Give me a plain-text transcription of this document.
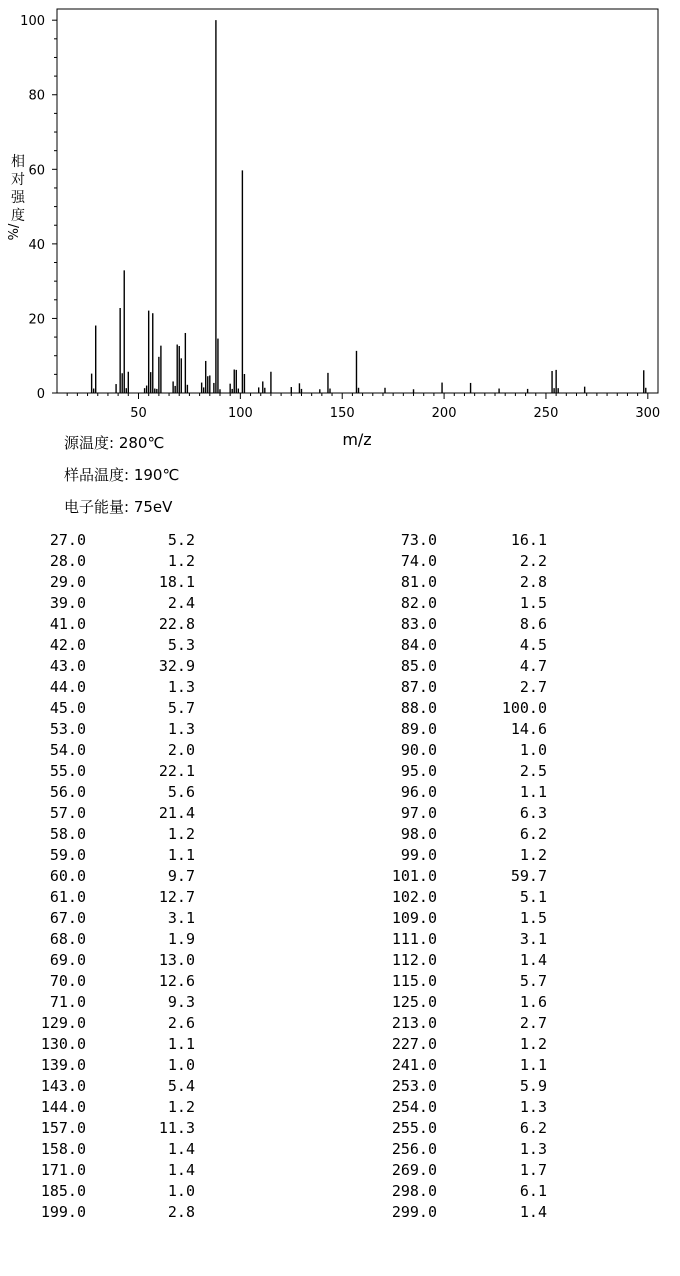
0
20
40
60
80
100
50	100	150	200	250	300
相
对
强
度
%/
m/z
源温度: 280℃
样品温度: 190℃
电子能量: 75eV
27.0	5.2	73.0	16.1
28.0	1.2	74.0	2.2
29.0	18.1	81.0	2.8
39.0	2.4	82.0	1.5
41.0	22.8	83.0	8.6
42.0	5.3	84.0	4.5
43.0	32.9	85.0	4.7
44.0	1.3	87.0	2.7
45.0	5.7	88.0	100.0
53.0	1.3	89.0	14.6
54.0	2.0	90.0	1.0
55.0	22.1	95.0	2.5
56.0	5.6	96.0	1.1
57.0	21.4	97.0	6.3
58.0	1.2	98.0	6.2
59.0	1.1	99.0	1.2
60.0	9.7	101.0	59.7
61.0	12.7	102.0	5.1
67.0	3.1	109.0	1.5
68.0	1.9	111.0	3.1
69.0	13.0	112.0	1.4
70.0	12.6	115.0	5.7
71.0	9.3	125.0	1.6
129.0	2.6	213.0	2.7
130.0	1.1	227.0	1.2
139.0	1.0	241.0	1.1
143.0	5.4	253.0	5.9
144.0	1.2	254.0	1.3
157.0	11.3	255.0	6.2
158.0	1.4	256.0	1.3
171.0	1.4	269.0	1.7
185.0	1.0	298.0	6.1
199.0	2.8	299.0	1.4
